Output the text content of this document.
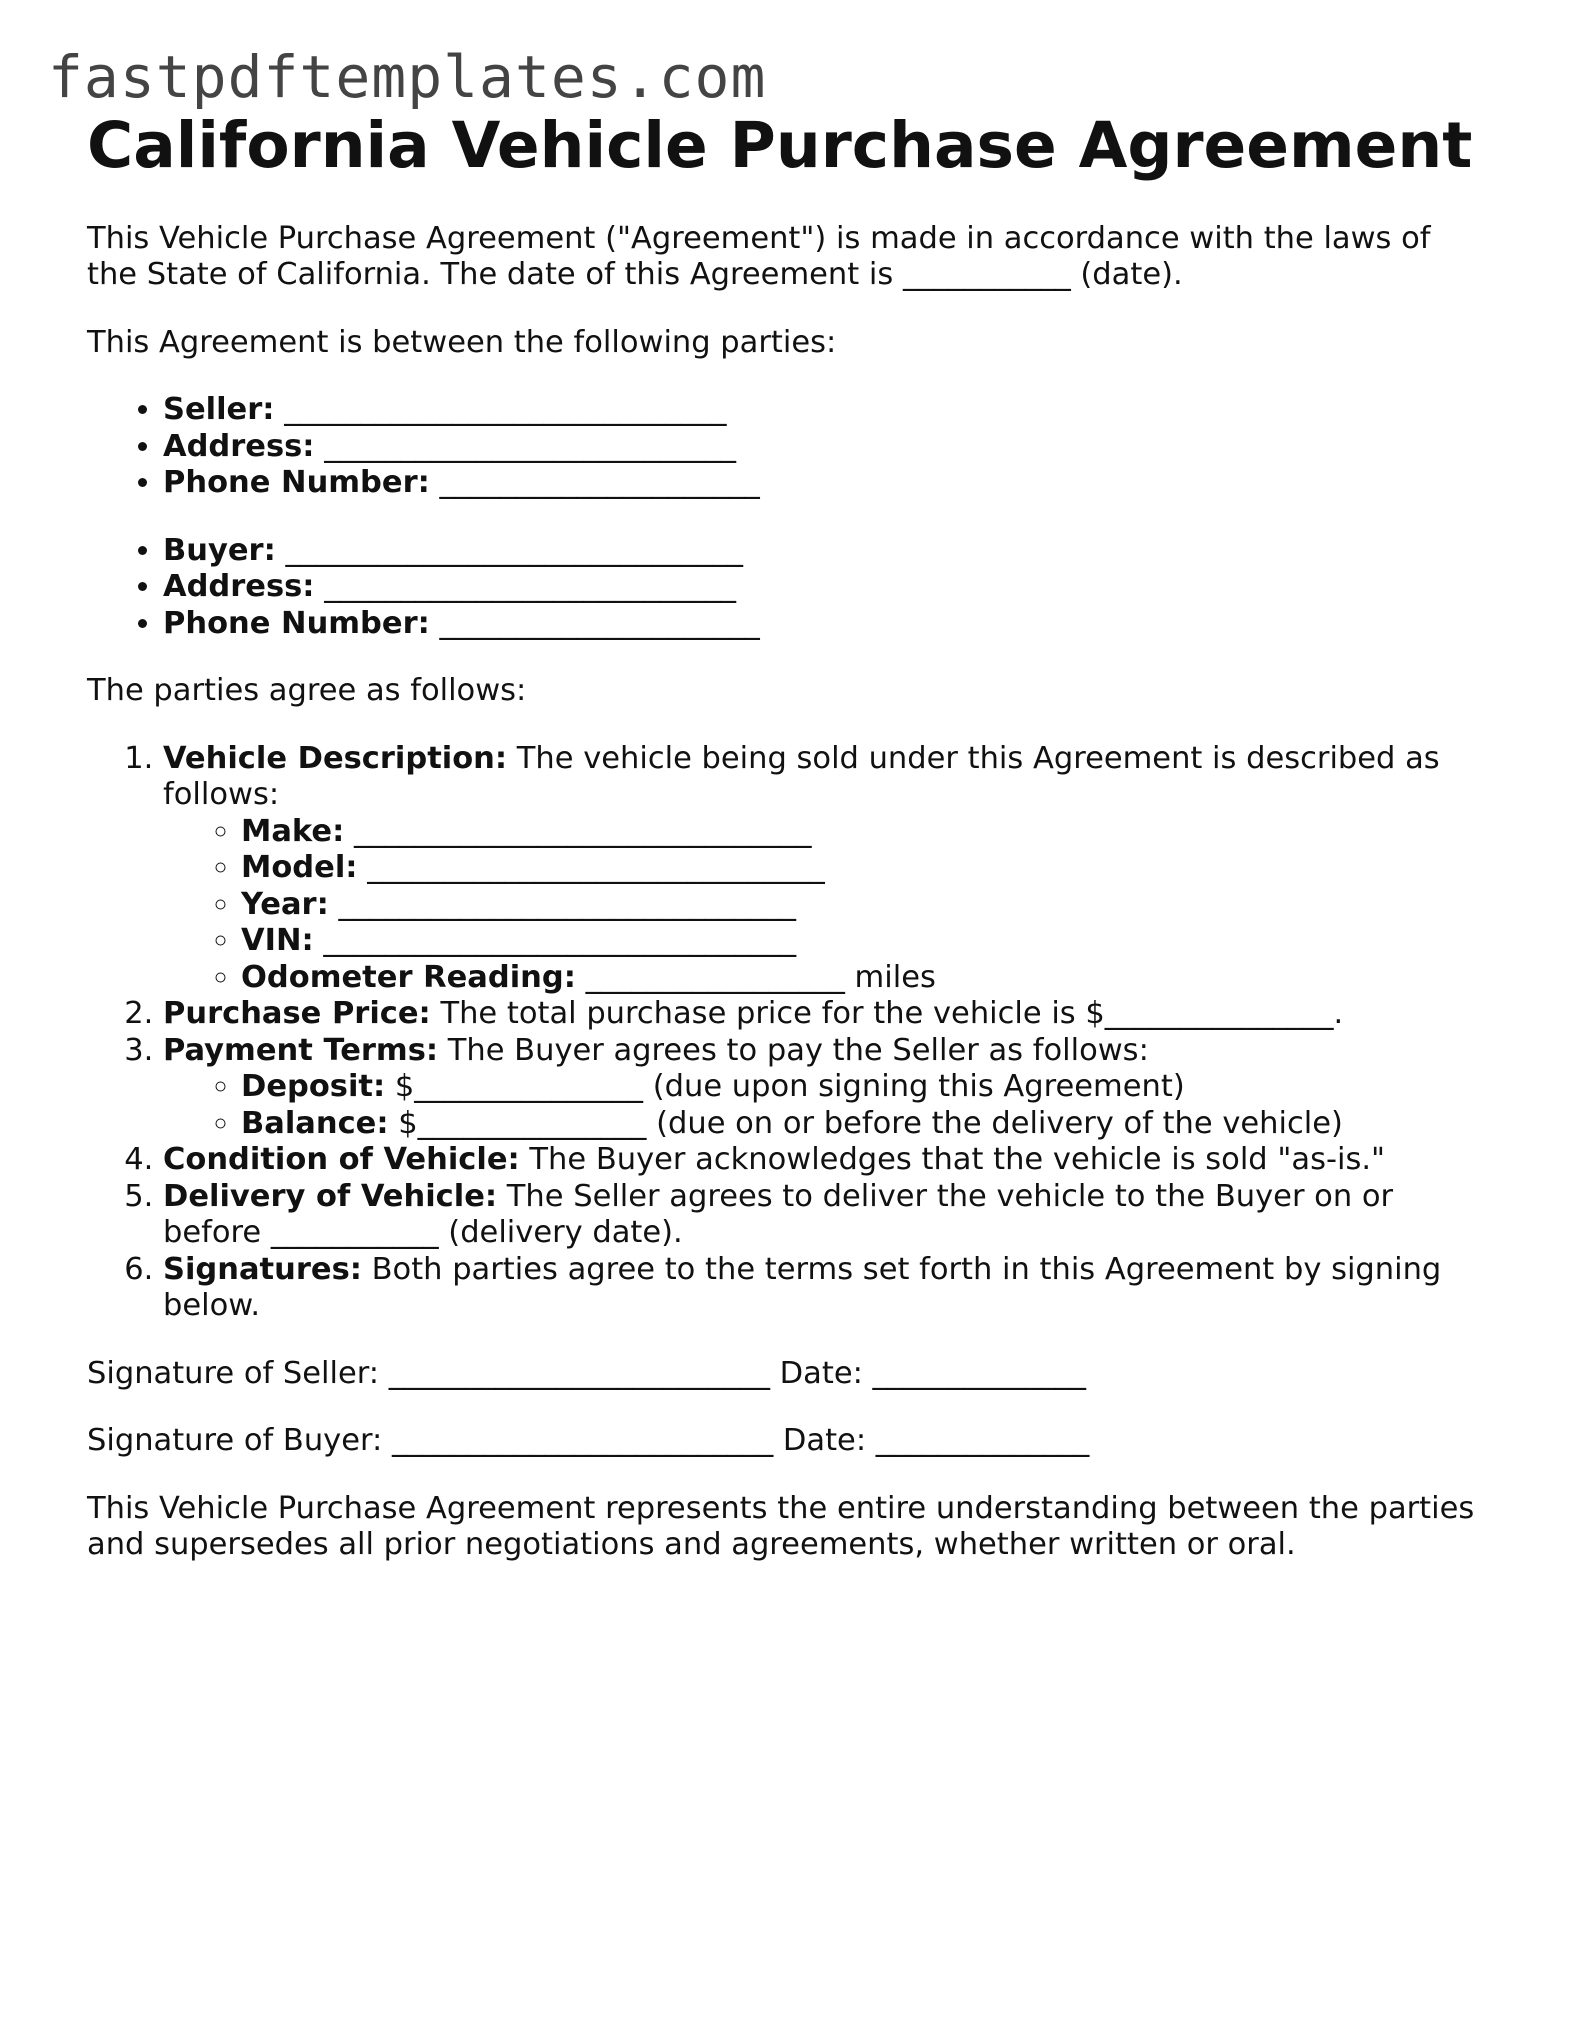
fastpdftemplates.com
California Vehicle Purchase Agreement

This Vehicle Purchase Agreement ("Agreement") is made in accordance with the laws of the State of California. The date of this Agreement is ___________ (date).

This Agreement is between the following parties:

• Seller: _____________________________
• Address: ___________________________
• Phone Number: _____________________
• Buyer: ______________________________
• Address: ___________________________
• Phone Number: _____________________

The parties agree as follows:

1. Vehicle Description: The vehicle being sold under this Agreement is described as follows:
◦ Make: ______________________________
◦ Model: ______________________________
◦ Year: ______________________________
◦ VIN: _______________________________
◦ Odometer Reading: _________________ miles
2. Purchase Price: The total purchase price for the vehicle is $_______________.
3. Payment Terms: The Buyer agrees to pay the Seller as follows:
◦ Deposit: $_______________ (due upon signing this Agreement)
◦ Balance: $_______________ (due on or before the delivery of the vehicle)
4. Condition of Vehicle: The Buyer acknowledges that the vehicle is sold "as-is."
5. Delivery of Vehicle: The Seller agrees to deliver the vehicle to the Buyer on or before ___________ (delivery date).
6. Signatures: Both parties agree to the terms set forth in this Agreement by signing below.

Signature of Seller: _________________________ Date: ______________

Signature of Buyer: _________________________ Date: ______________

This Vehicle Purchase Agreement represents the entire understanding between the parties and supersedes all prior negotiations and agreements, whether written or oral.
